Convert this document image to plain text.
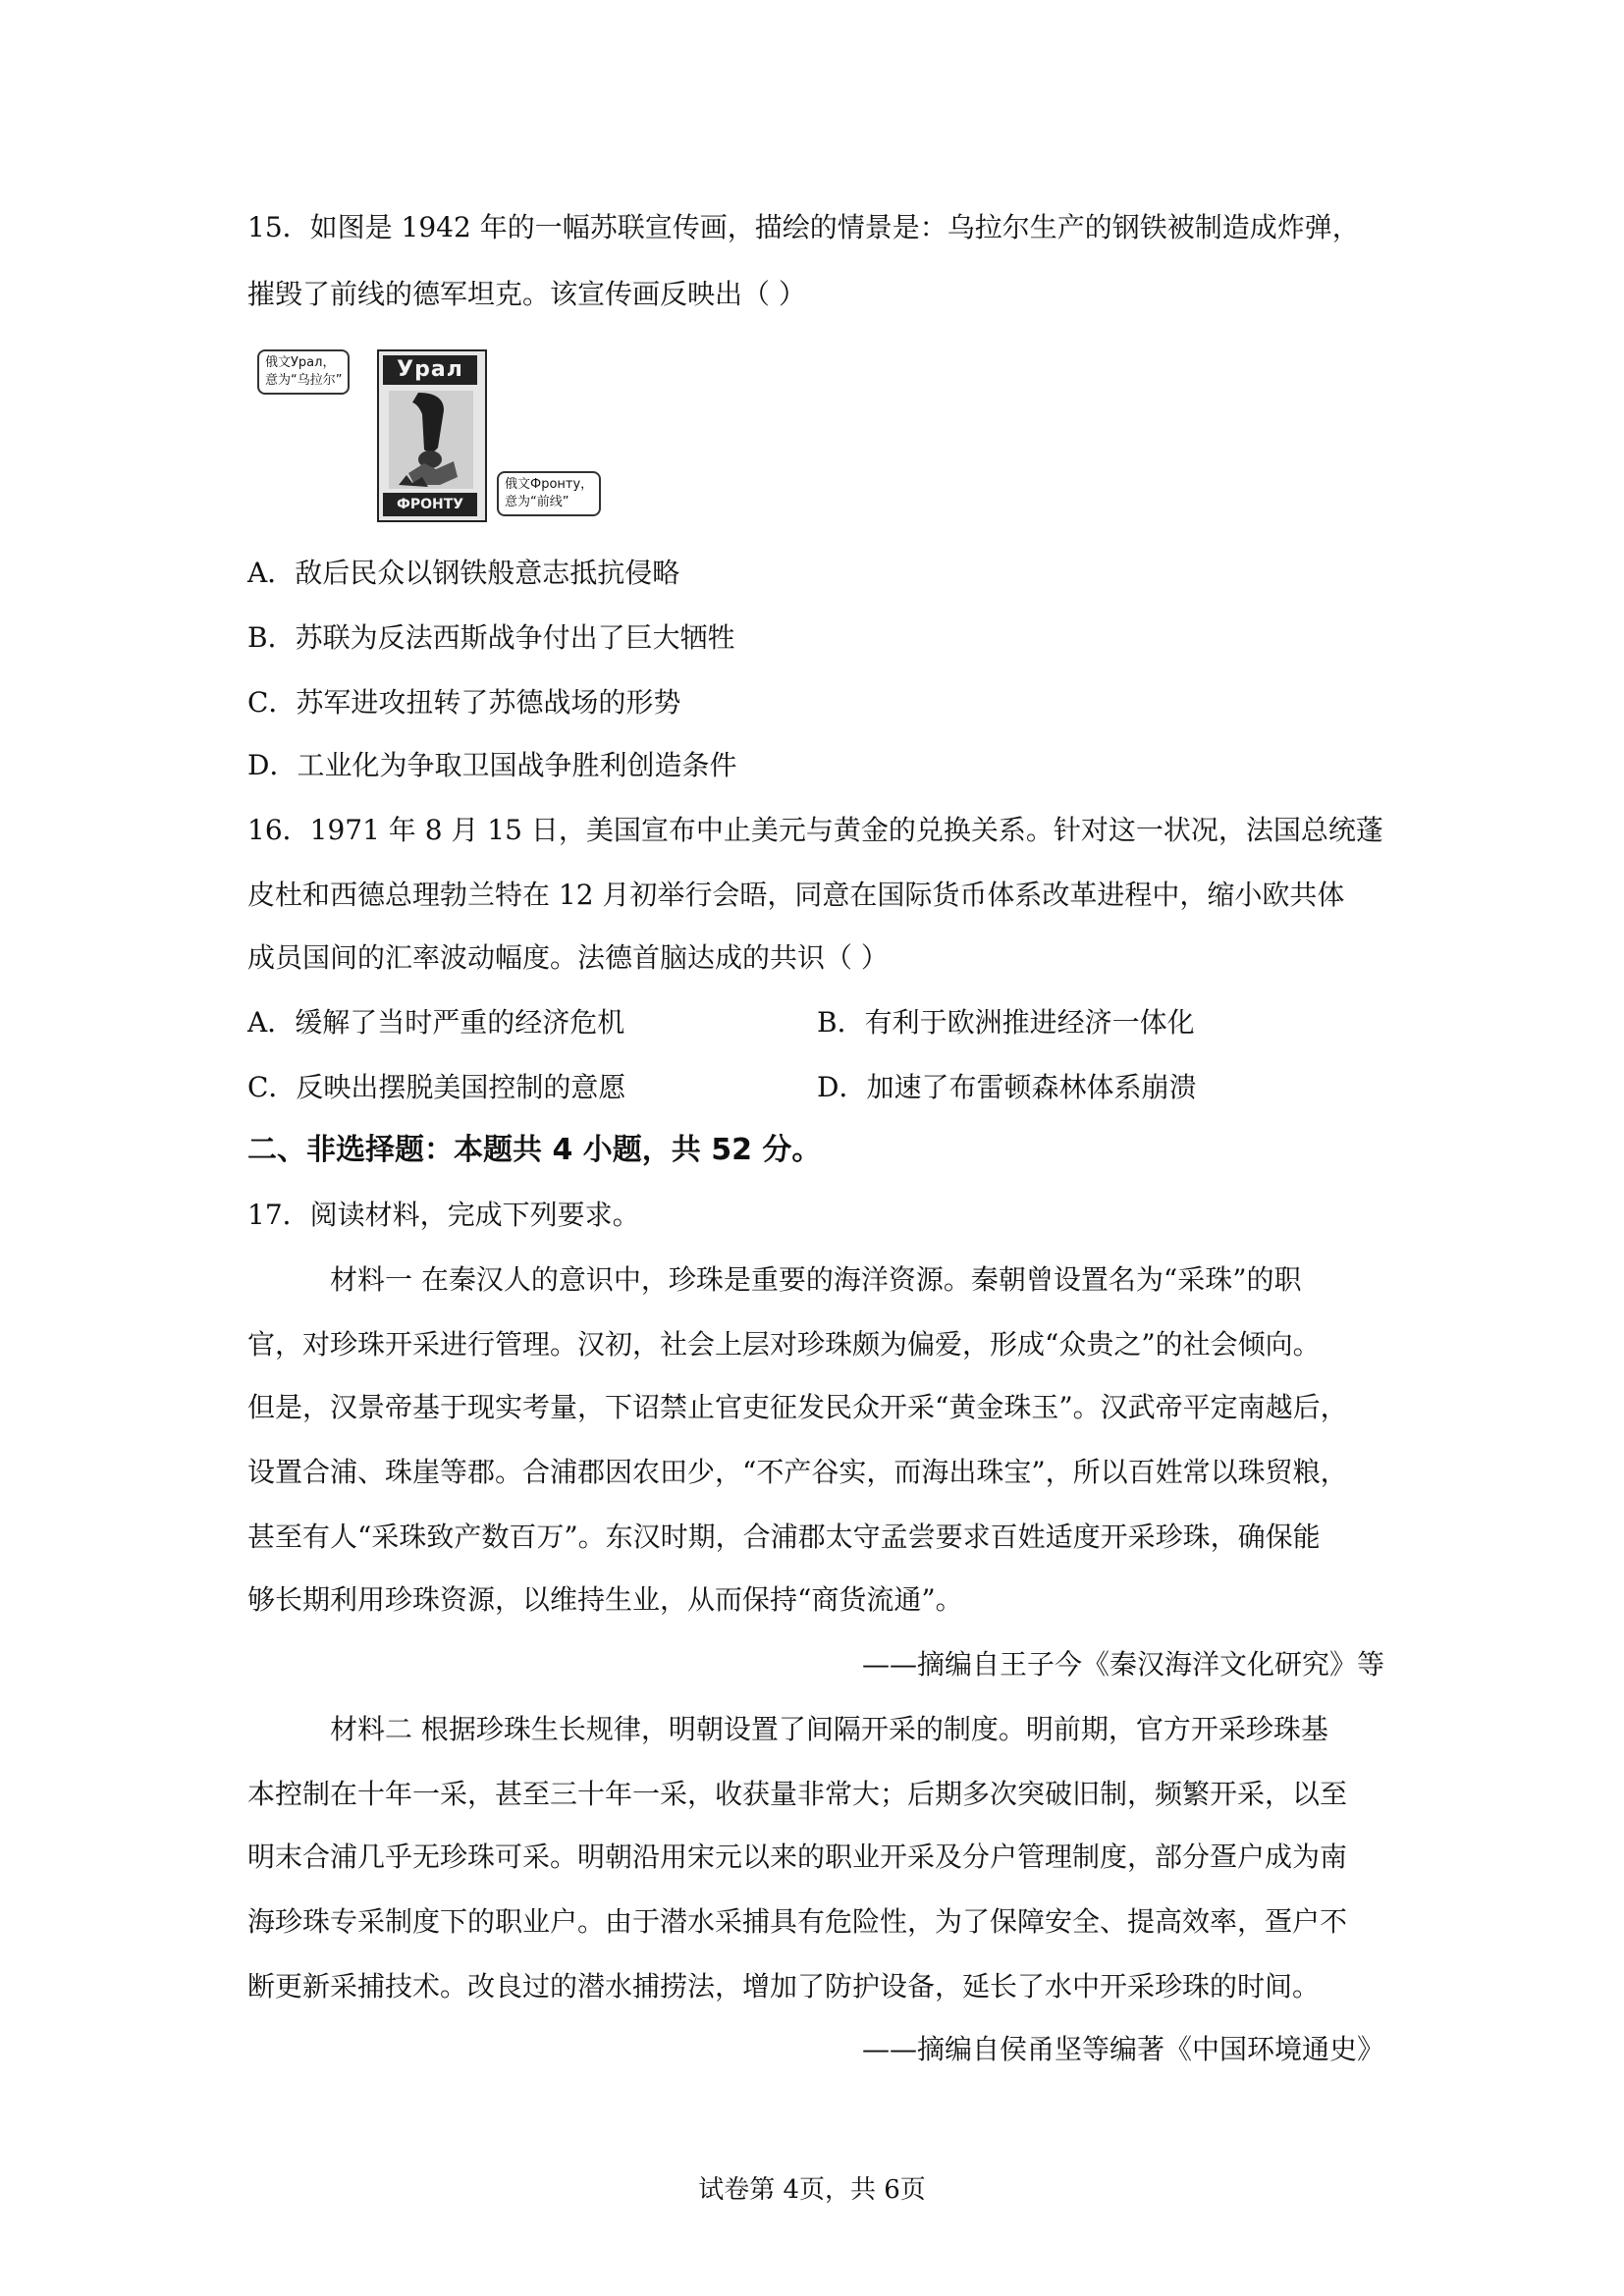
15．如图是 1942 年的一幅苏联宣传画，描绘的情景是：乌拉尔生产的钢铁被制造成炸弹，
摧毁了前线的德军坦克。该宣传画反映出（ ）
俄文Урал，
意为“乌拉尔”	Урал
ФРОНТУ
俄文Фронту，
意为“前线”
A．敌后民众以钢铁般意志抵抗侵略
B．苏联为反法西斯战争付出了巨大牺牲
C．苏军进攻扭转了苏德战场的形势
D．工业化为争取卫国战争胜利创造条件
16．1971 年 8 月 15 日，美国宣布中止美元与黄金的兑换关系。针对这一状况，法国总统蓬
皮杜和西德总理勃兰特在 12 月初举行会晤，同意在国际货币体系改革进程中，缩小欧共体
成员国间的汇率波动幅度。法德首脑达成的共识（ ）
A．缓解了当时严重的经济危机	B．有利于欧洲推进经济一体化
C．反映出摆脱美国控制的意愿	D．加速了布雷顿森林体系崩溃
二、非选择题：本题共 4 小题，共 52 分。
17．阅读材料，完成下列要求。
材料一 在秦汉人的意识中，珍珠是重要的海洋资源。秦朝曾设置名为“采珠”的职
官，对珍珠开采进行管理。汉初，社会上层对珍珠颇为偏爱，形成“众贵之”的社会倾向。
但是，汉景帝基于现实考量，下诏禁止官吏征发民众开采“黄金珠玉”。汉武帝平定南越后，
设置合浦、珠崖等郡。合浦郡因农田少，“不产谷实，而海出珠宝”，所以百姓常以珠贸粮，
甚至有人“采珠致产数百万”。东汉时期，合浦郡太守孟尝要求百姓适度开采珍珠，确保能
够长期利用珍珠资源，以维持生业，从而保持“商货流通”。
——摘编自王子今《秦汉海洋文化研究》等
材料二 根据珍珠生长规律，明朝设置了间隔开采的制度。明前期，官方开采珍珠基
本控制在十年一采，甚至三十年一采，收获量非常大；后期多次突破旧制，频繁开采，以至
明末合浦几乎无珍珠可采。明朝沿用宋元以来的职业开采及分户管理制度，部分疍户成为南
海珍珠专采制度下的职业户。由于潜水采捕具有危险性，为了保障安全、提高效率，疍户不
断更新采捕技术。改良过的潜水捕捞法，增加了防护设备，延长了水中开采珍珠的时间。
——摘编自侯甬坚等编著《中国环境通史》
试卷第 4页，共 6页
